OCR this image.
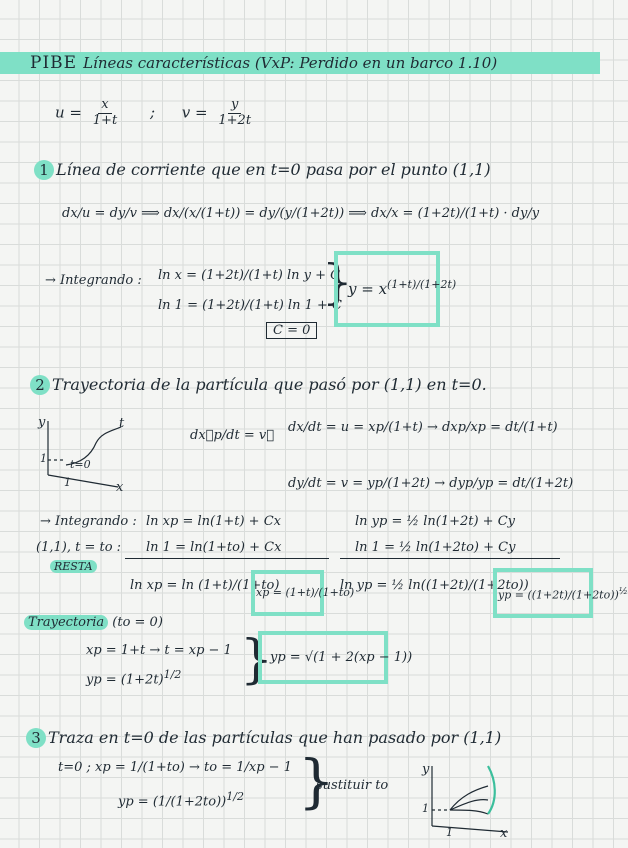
PIBE Líneas características (VxP: Perdido en un barco 1.10)
$u = \frac{x}{1+t}$ ; $v = \frac{y}{1+2t}$
1 Línea de corriente que en t=0 pasa por el punto (1,1)
dx/u = dy/v ⟹ dx/(x/(1+t)) = dy/(y/(1+2t)) ⟹ dx/x = (1+2t)/(1+t) · dy/y
→ Integrando : ln x = (1+2t)/(1+t) ln y + C
ln 1 = (1+2t)/(1+t) ln 1 + C
}
C = 0
$y = x^{(1+t)/(1+2t)}$
2 Trayectoria de la partícula que pasó por (1,1) en t=0.
y
x
t
t=0
1
1
dx⃗p/dt = v⃗
dx/dt = u = xp/(1+t) → dxp/xp = dt/(1+t)
dy/dt = v = yp/(1+2t) → dyp/yp = dt/(1+2t)
→ Integrando : ln xp = ln(1+t) + Cx	ln yp = ½ ln(1+2t) + Cy
(1,1), t = to : ln 1 = ln(1+to) + Cx	ln 1 = ½ ln(1+2to) + Cy
RESTA
ln xp = ln (1+t)/(1+to)
xp = (1+t)/(1+to)
ln yp = ½ ln((1+2t)/(1+2to))
yp = $((1+2t)/(1+2to))^{\frac{1}{2}}$
Trayectoria (to = 0)
xp = 1+t → t = xp − 1
yp = $(1+2t)^{1/2}$ }
yp = √(1 + 2(xp − 1))
3 Traza en t=0 de las partículas que han pasado por (1,1)
t=0 ; xp = 1/(1+to) → to = 1/xp − 1
yp = $(1/(1+2to))^{1/2}$ }
sustituir to
y
x
1
1
